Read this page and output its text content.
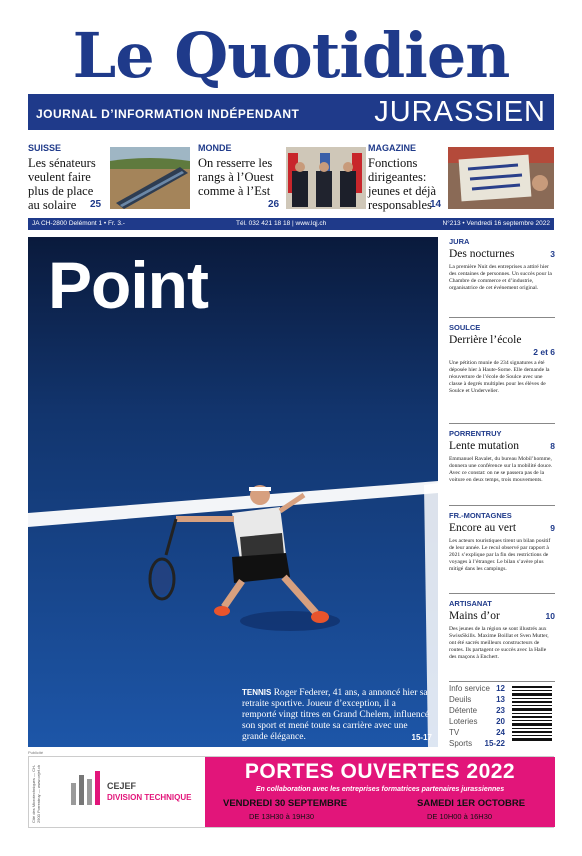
Le Quotidien
JOURNAL D’INFORMATION INDÉPENDANT	JURASSIEN
SUISSE
Les sénateurs veulent faire plus de place au solaire	25
MONDE
On resserre les rangs à l’Ouest comme à l’Est
26
MAGAZINE
Fonctions dirigeantes: jeunes et déjà responsables
14
JA CH-2800 Delémont 1 • Fr. 3.-	Tél. 032 421 18 18 | www.lqj.ch	N°213 • Vendredi 16 septembre 2022
Point
TENNIS Roger Federer, 41 ans, a annoncé hier sa retraite sportive. Joueur d’exception, il a remporté vingt titres en Grand Chelem, influencé son sport et mené toute sa carrière avec une grande élégance.	15-17
JURA
Des nocturnes	3
La première Nuit des entreprises a attiré hier des centaines de personnes. Un succès pour la Chambre de commerce et d’industrie, organisatrice de cet événement original.
SOULCE
Derrière l’école
2 et 6
Une pétition munie de 234 signatures a été déposée hier à Haute-Sorne. Elle demande la réouverture de l’école de Soulce avec une classe à degrés multiples pour les élèves de Soulce et Undervelier.
PORRENTRUY
Lente mutation	8
Emmanuel Ravalet, du bureau Mobil’homme, donnera une conférence sur la mobilité douce. Avec ce constat: on ne se passera pas de la voiture en deux temps, trois mouvements.
FR.-MONTAGNES
Encore au vert	9
Les acteurs touristiques tirent un bilan positif de leur année. Le recul observé par rapport à 2021 s’explique par la fin des restrictions de voyages à l’étranger. Le bilan s’avère plus mitigé dans les campings.
ARTISANAT
Mains d’or	10
Des jeunes de la région se sont illustrés aux SwissSkills. Maxime Boillat et Sven Mutter, ont été sacrés meilleurs constructeurs de routes. Ils partagent ce succès avec la Halle des maçons à Enchert.
Info service 12
Deuils	13
Détente 23
Loteries 20
TV	24
Sports 15-22
Publicité
Cité des Microtechniques — CH-2900 Porrentruy — www.cejef.ch	CEJEF
DIVISION TECHNIQUE
PORTES OUVERTES 2022
En collaboration avec les entreprises formatrices partenaires jurassiennes
VENDREDI 30 SEPTEMBRE	SAMEDI 1ER OCTOBRE
DE 13H30 à 19H30	DE 10H00 à 16H30
